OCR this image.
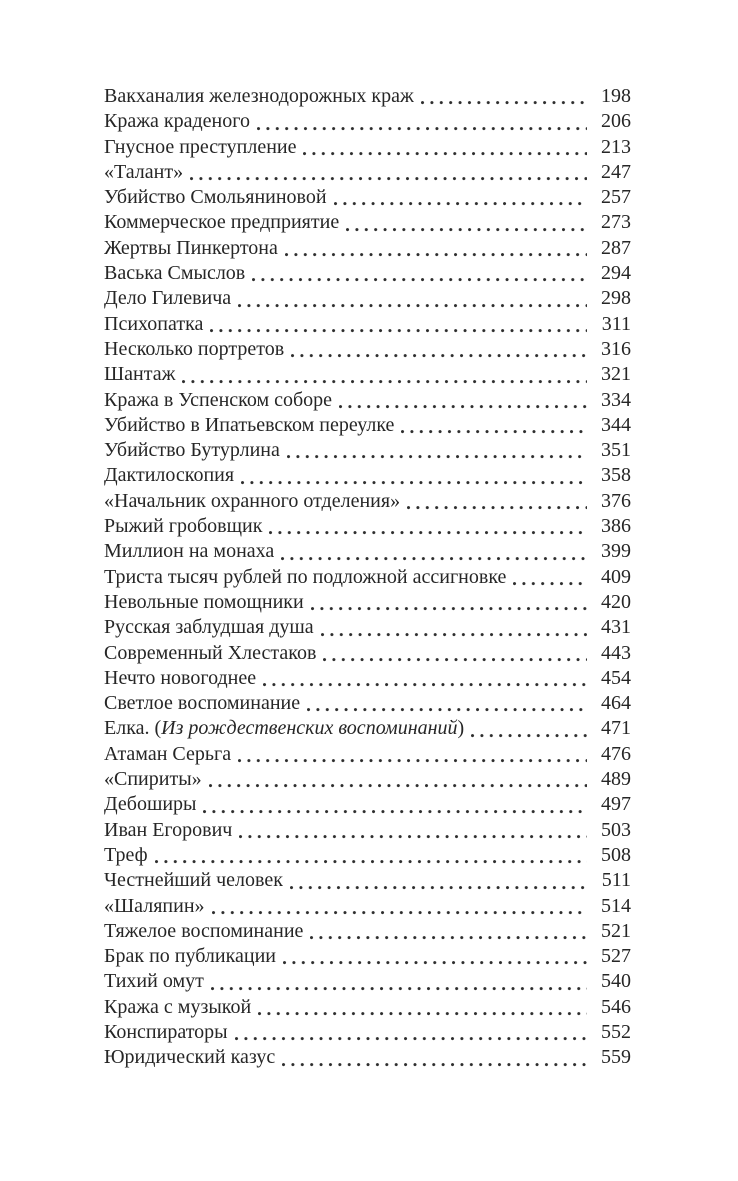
Вакханалия железнодорожных краж	198
Кража краденого	206
Гнусное преступление	213
«Талант»	247
Убийство Смольяниновой	257
Коммерческое предприятие	273
Жертвы Пинкертона	287
Васька Смыслов	294
Дело Гилевича	298
Психопатка	311
Несколько портретов	316
Шантаж	321
Кража в Успенском соборе	334
Убийство в Ипатьевском переулке	344
Убийство Бутурлина	351
Дактилоскопия	358
«Начальник охранного отделения»	376
Рыжий гробовщик	386
Миллион на монаха	399
Триста тысяч рублей по подложной ассигновке	409
Невольные помощники	420
Русская заблудшая душа	431
Современный Хлестаков	443
Нечто новогоднее	454
Светлое воспоминание	464
Елка. (Из рождественских воспоминаний)	471
Атаман Серьга	476
«Спириты»	489
Дебоширы	497
Иван Егорович	503
Треф	508
Честнейший человек	511
«Шаляпин»	514
Тяжелое воспоминание	521
Брак по публикации	527
Тихий омут	540
Кража с музыкой	546
Конспираторы	552
Юридический казус	559
